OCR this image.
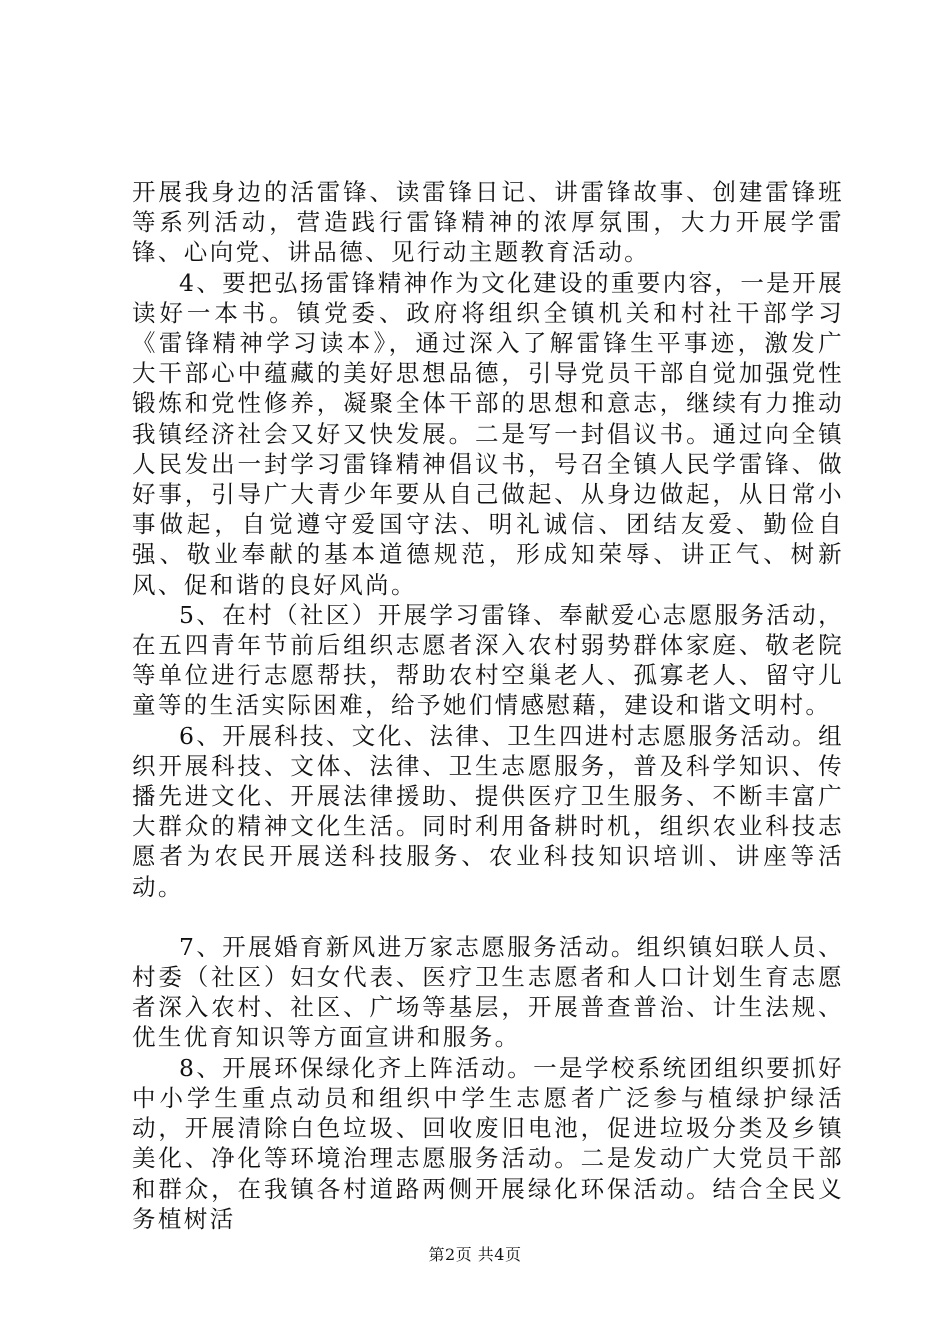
开展我身边的活雷锋、读雷锋日记、讲雷锋故事、创建雷锋班等系列活动，营造践行雷锋精神的浓厚氛围，大力开展学雷锋、心向党、讲品德、见行动主题教育活动。

4、要把弘扬雷锋精神作为文化建设的重要内容，一是开展读好一本书。镇党委、政府将组织全镇机关和村社干部学习《雷锋精神学习读本》，通过深入了解雷锋生平事迹，激发广大干部心中蕴藏的美好思想品德，引导党员干部自觉加强党性锻炼和党性修养，凝聚全体干部的思想和意志，继续有力推动我镇经济社会又好又快发展。二是写一封倡议书。通过向全镇人民发出一封学习雷锋精神倡议书，号召全镇人民学雷锋、做好事，引导广大青少年要从自己做起、从身边做起，从日常小事做起，自觉遵守爱国守法、明礼诚信、团结友爱、勤俭自强、敬业奉献的基本道德规范，形成知荣辱、讲正气、树新风、促和谐的良好风尚。

5、在村（社区）开展学习雷锋、奉献爱心志愿服务活动，在五四青年节前后组织志愿者深入农村弱势群体家庭、敬老院等单位进行志愿帮扶，帮助农村空巢老人、孤寡老人、留守儿童等的生活实际困难，给予她们情感慰藉，建设和谐文明村。

6、开展科技、文化、法律、卫生四进村志愿服务活动。组织开展科技、文体、法律、卫生志愿服务，普及科学知识、传播先进文化、开展法律援助、提供医疗卫生服务、不断丰富广大群众的精神文化生活。同时利用备耕时机，组织农业科技志愿者为农民开展送科技服务、农业科技知识培训、讲座等活动。

7、开展婚育新风进万家志愿服务活动。组织镇妇联人员、村委（社区）妇女代表、医疗卫生志愿者和人口计划生育志愿者深入农村、社区、广场等基层，开展普查普治、计生法规、优生优育知识等方面宣讲和服务。

8、开展环保绿化齐上阵活动。一是学校系统团组织要抓好中小学生重点动员和组织中学生志愿者广泛参与植绿护绿活动，开展清除白色垃圾、回收废旧电池，促进垃圾分类及乡镇美化、净化等环境治理志愿服务活动。二是发动广大党员干部和群众，在我镇各村道路两侧开展绿化环保活动。结合全民义务植树活

第2页 共4页
